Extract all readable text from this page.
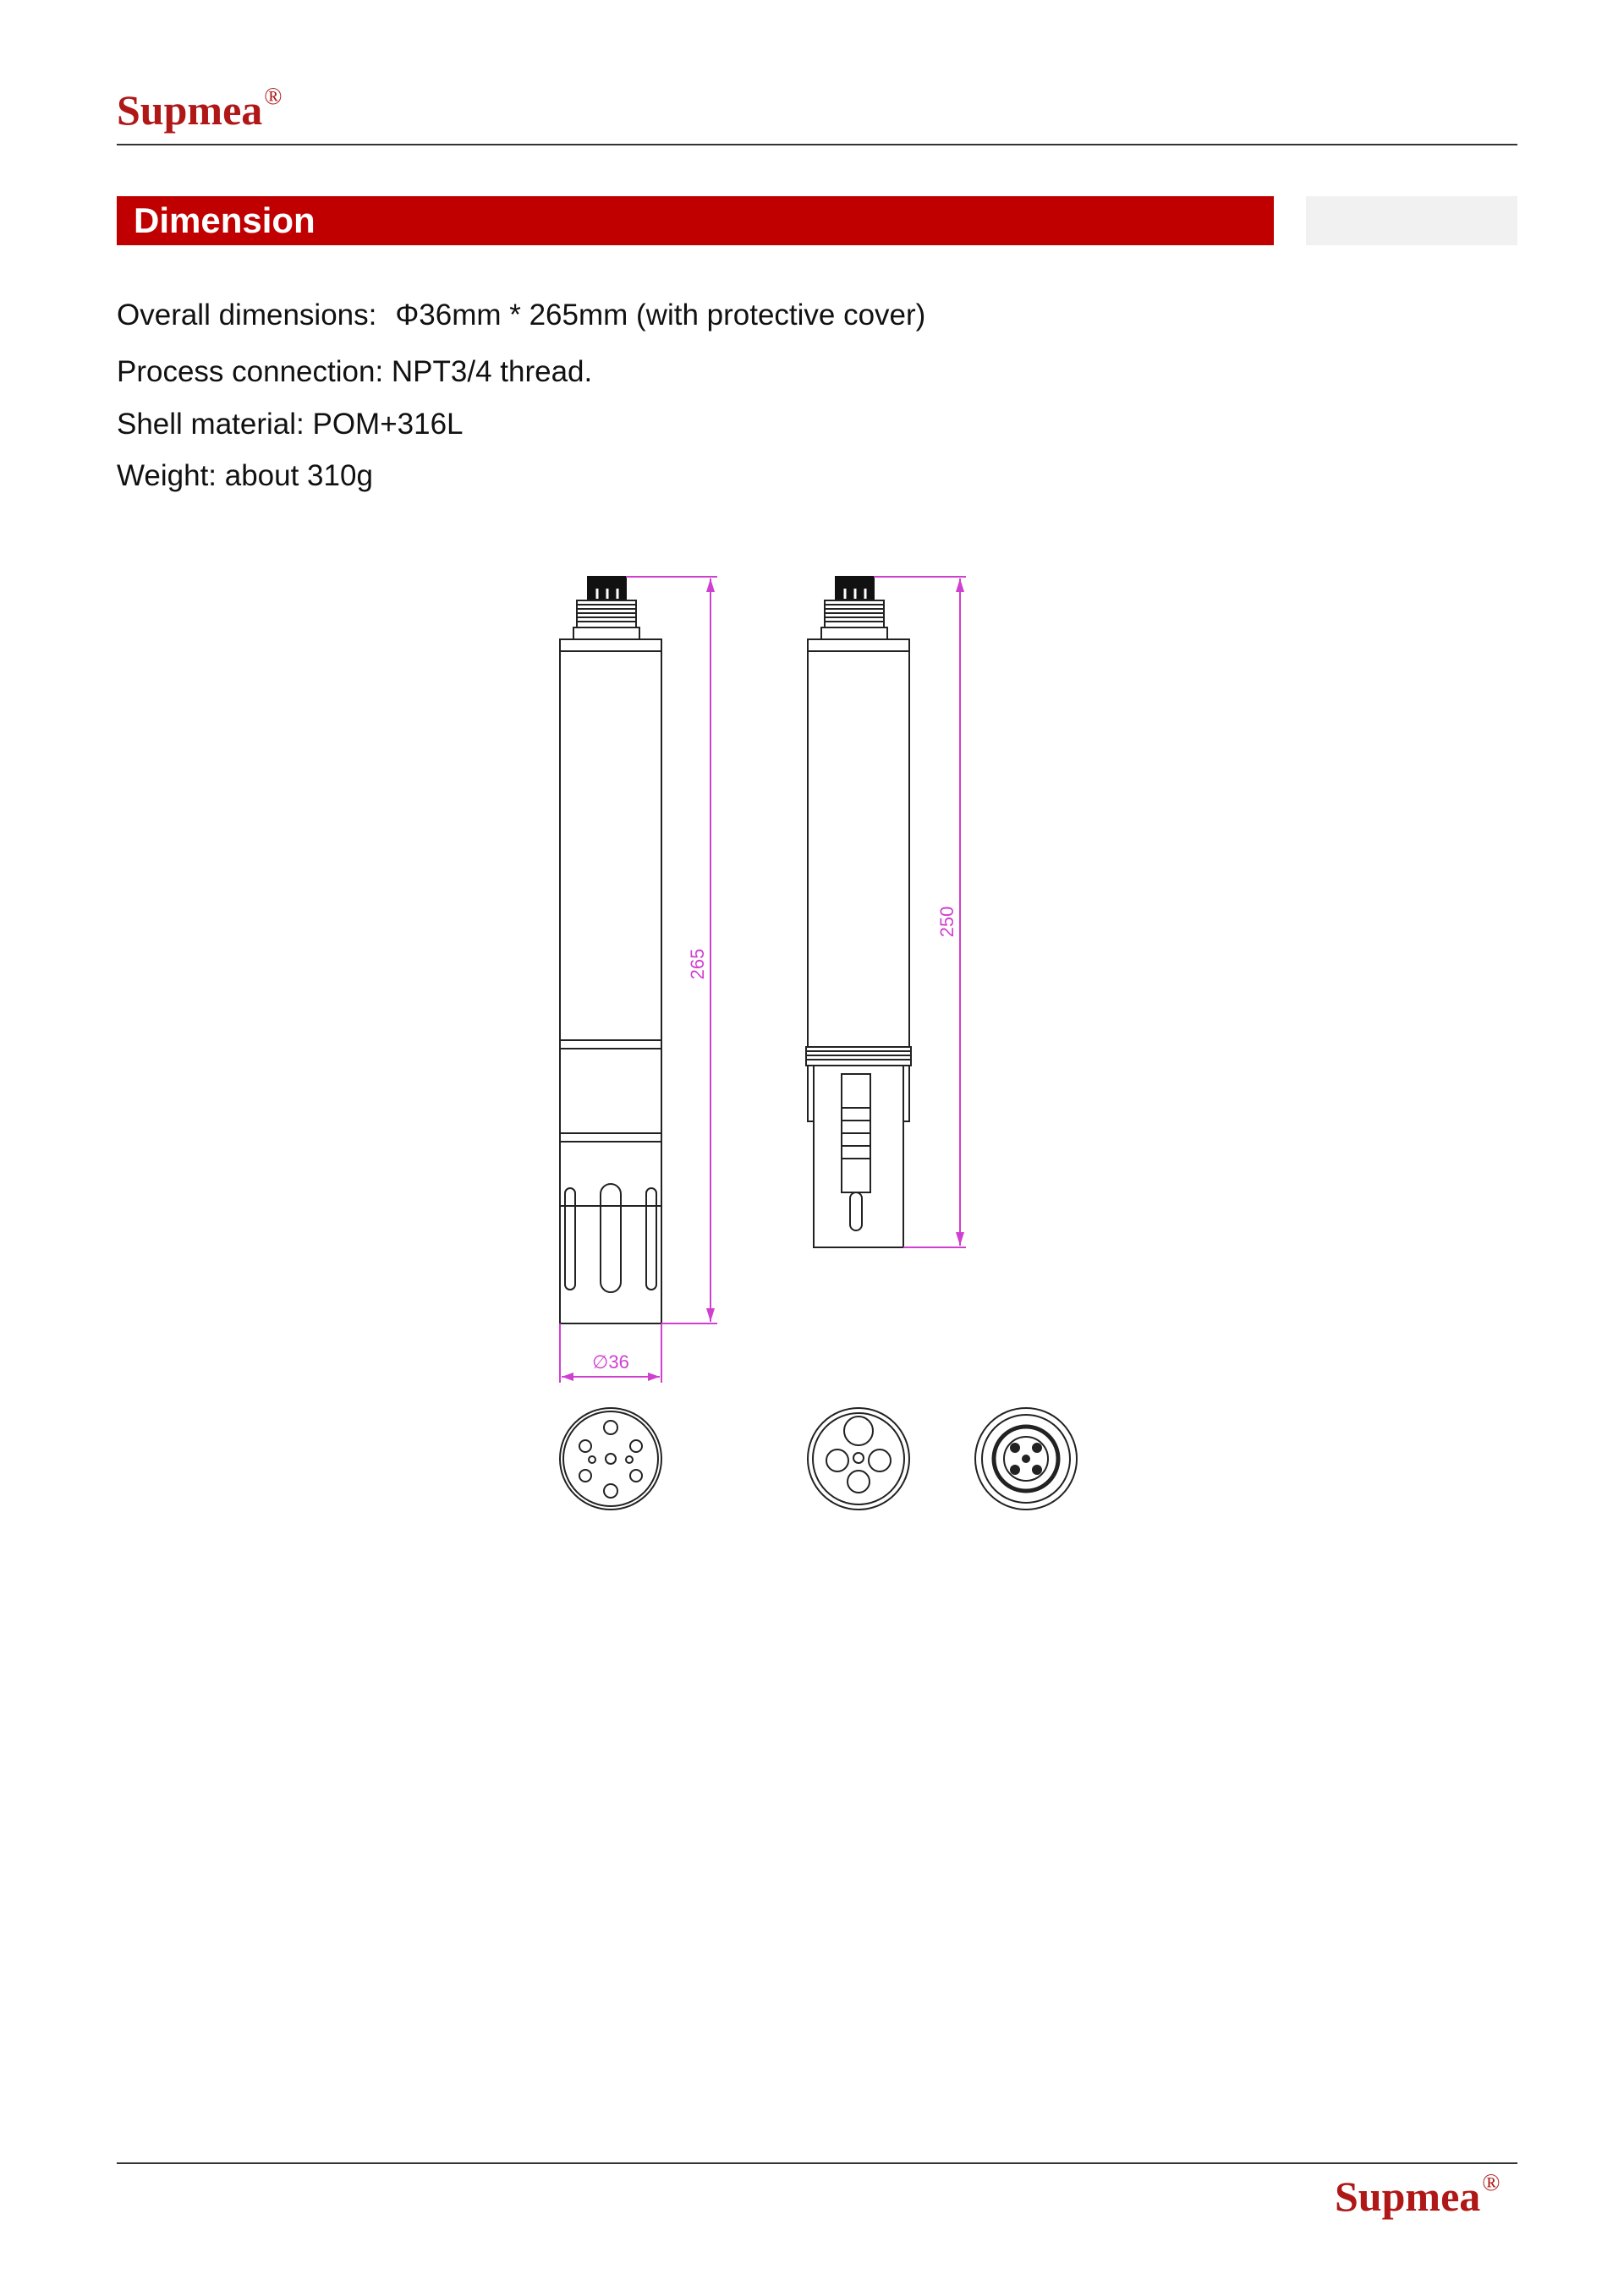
Supmea®
Dimension
Overall dimensions: Φ36mm * 265mm (with protective cover)
Process connection: NPT3/4 thread.
Shell material: POM+316L
Weight: about 310g
265
∅36
250
Supmea®
